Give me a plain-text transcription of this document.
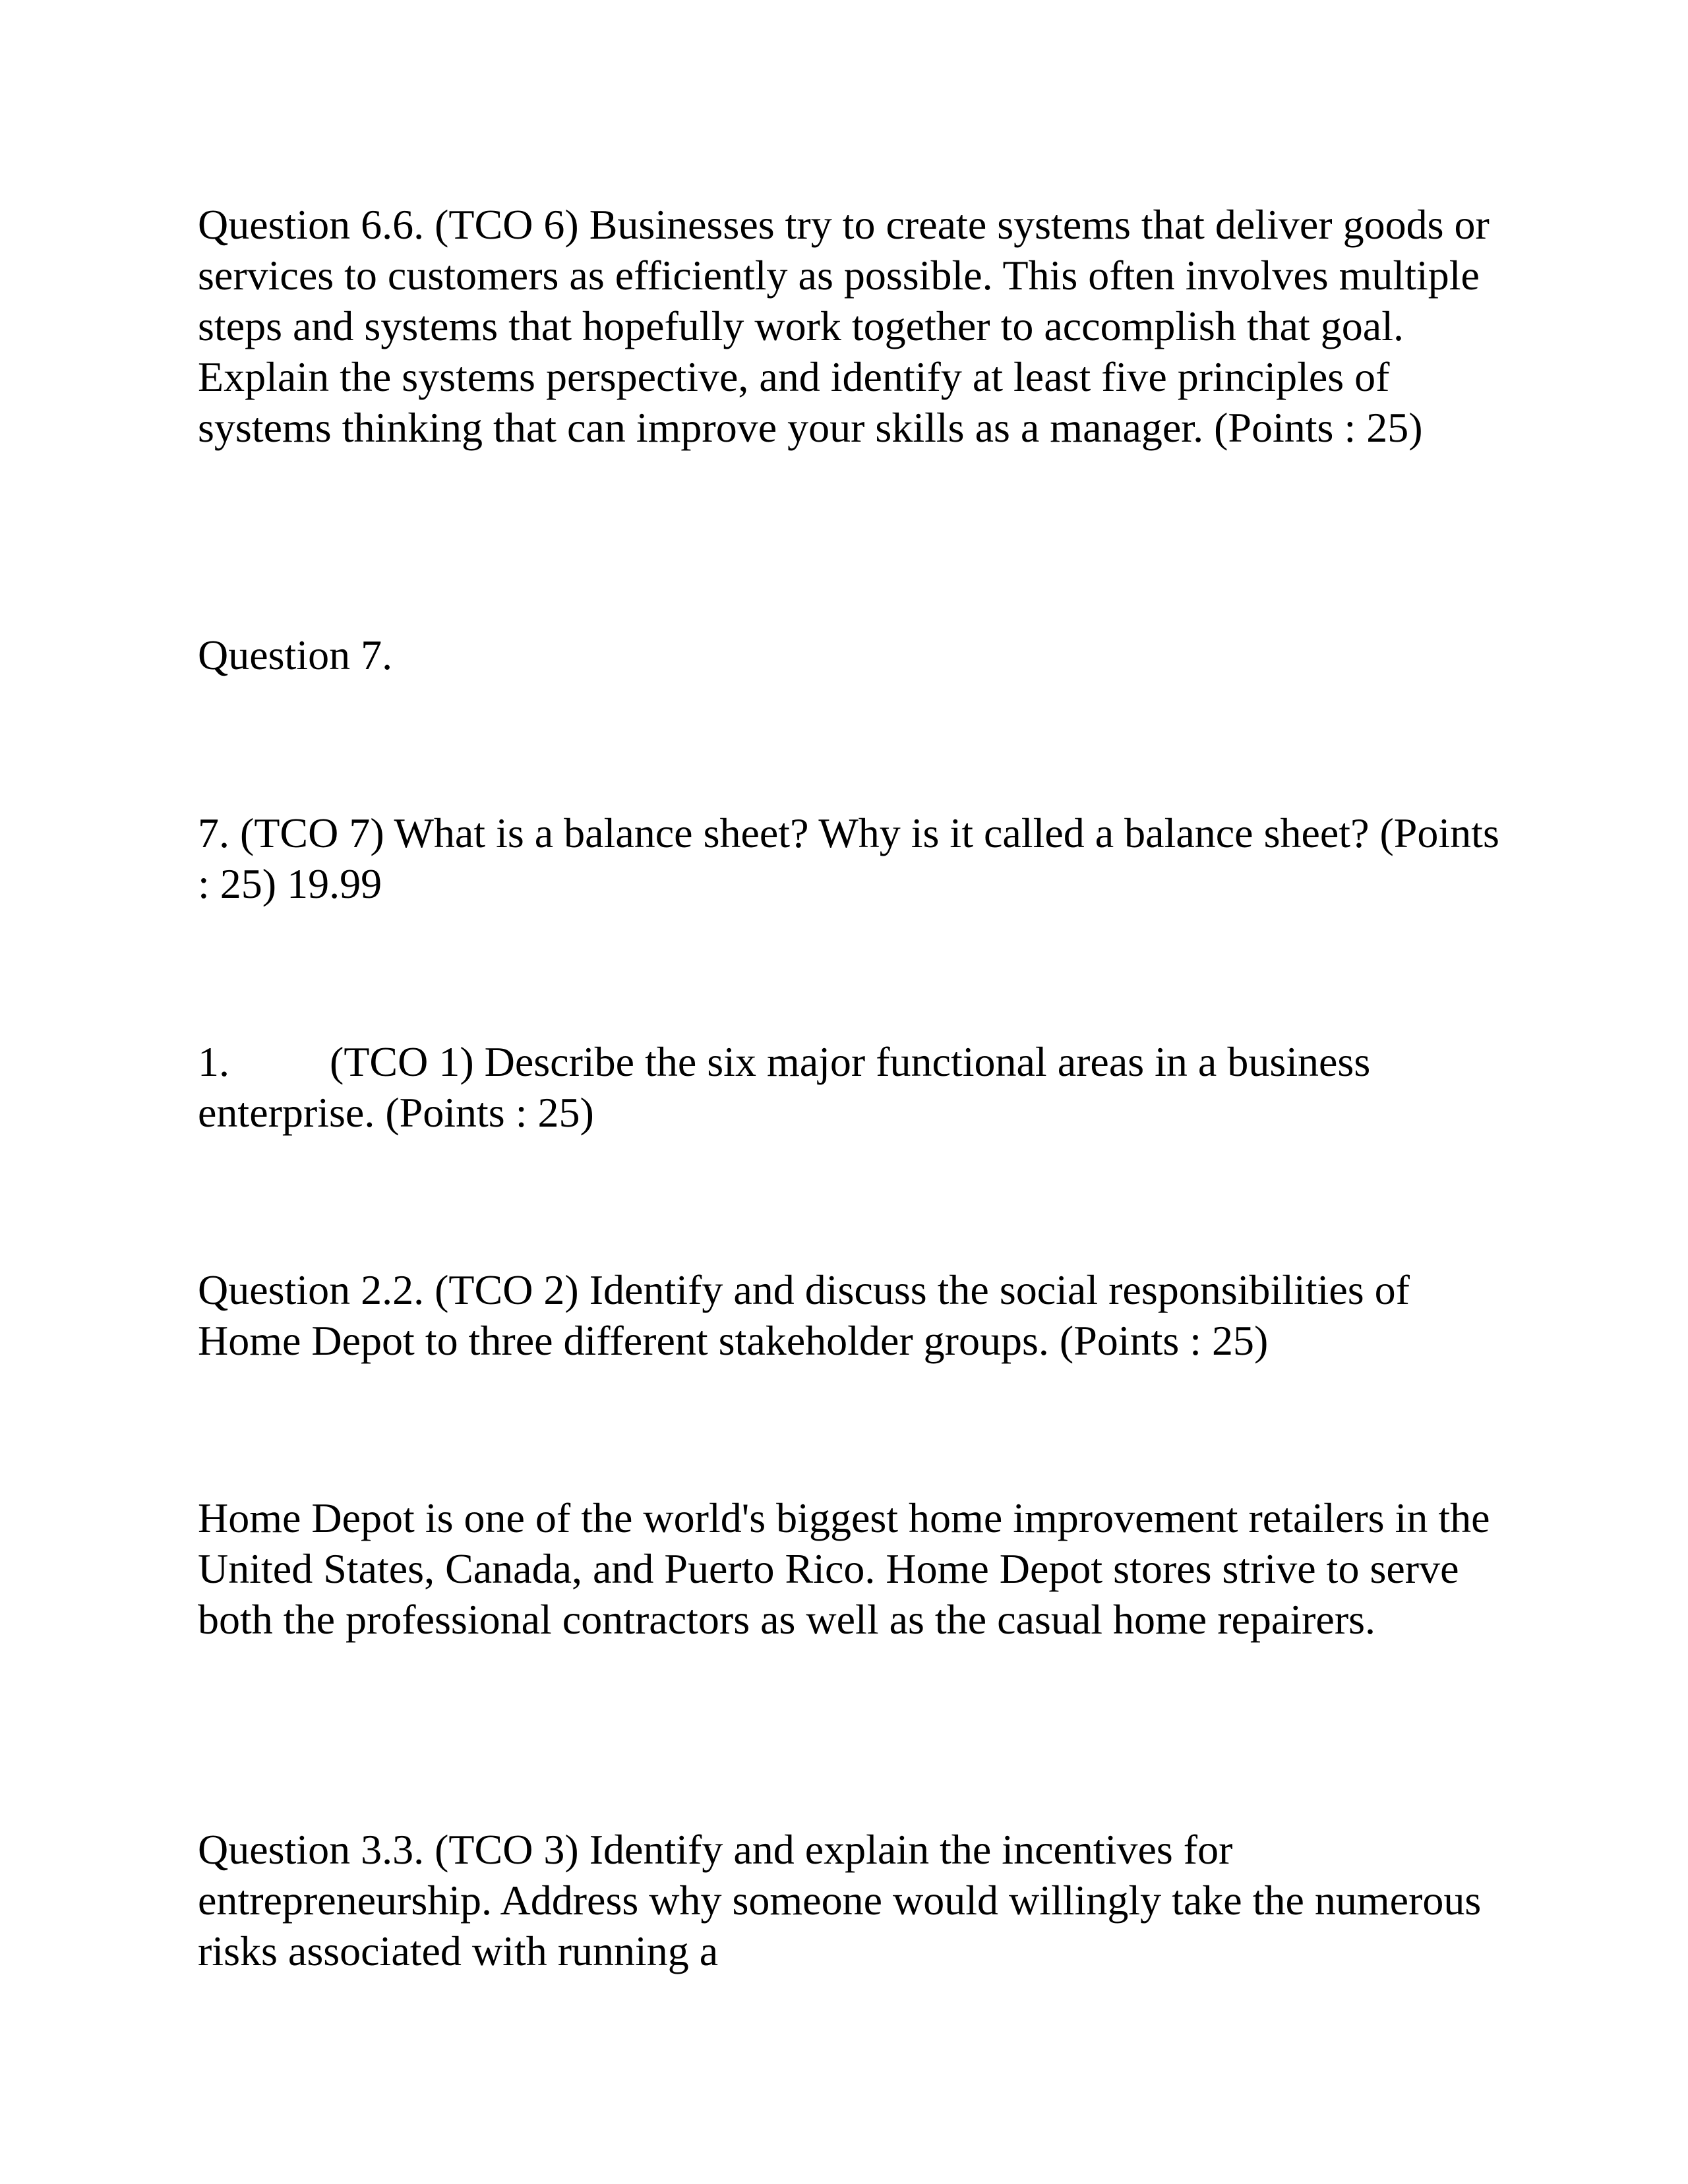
Question 6.6. (TCO 6) Businesses try to create systems that deliver goods or services to customers as efficiently as possible. This often involves multiple steps and systems that hopefully work together to accomplish that goal. Explain the systems perspective, and identify at least five principles of systems thinking that can improve your skills as a manager. (Points : 25)

Question 7.

7. (TCO 7) What is a balance sheet? Why is it called a balance sheet? (Points : 25) 19.99

1. (TCO 1) Describe the six major functional areas in a business enterprise. (Points : 25)

Question 2.2. (TCO 2) Identify and discuss the social responsibilities of Home Depot to three different stakeholder groups. (Points : 25)

Home Depot is one of the world's biggest home improvement retailers in the United States, Canada, and Puerto Rico. Home Depot stores strive to serve both the professional contractors as well as the casual home repairers.

Question 3.3. (TCO 3) Identify and explain the incentives for entrepreneurship. Address why someone would willingly take the numerous risks associated with running a
